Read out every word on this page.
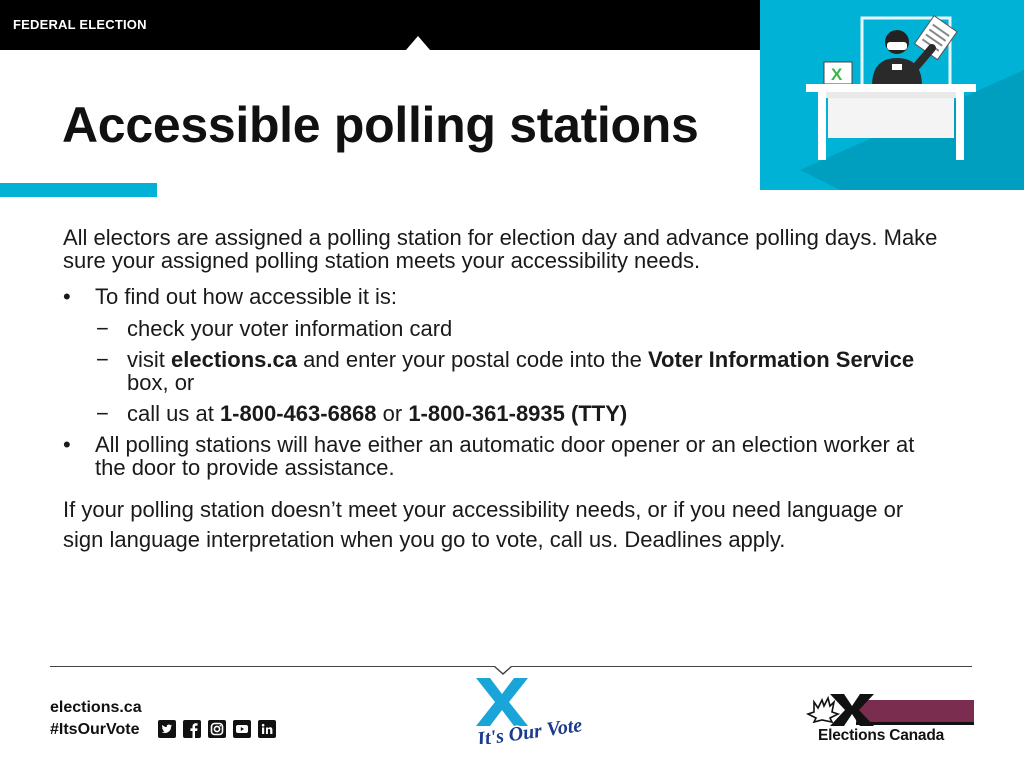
FEDERAL ELECTION
X
Accessible polling stations

All electors are assigned a polling station for election day and advance polling days. Make sure your assigned polling station meets your accessibility needs.

• To find out how accessible it is:
− check your voter information card
− visit elections.ca and enter your postal code into the Voter Information Service box, or
− call us at 1-800-463-6868 or 1-800-361-8935 (TTY)
• All polling stations will have either an automatic door opener or an election worker at the door to provide assistance.

If your polling station doesn’t meet your accessibility needs, or if you need language or sign language interpretation when you go to vote, call us. Deadlines apply.

elections.ca
#ItsOurVote	It's Our Vote	Elections Canada
